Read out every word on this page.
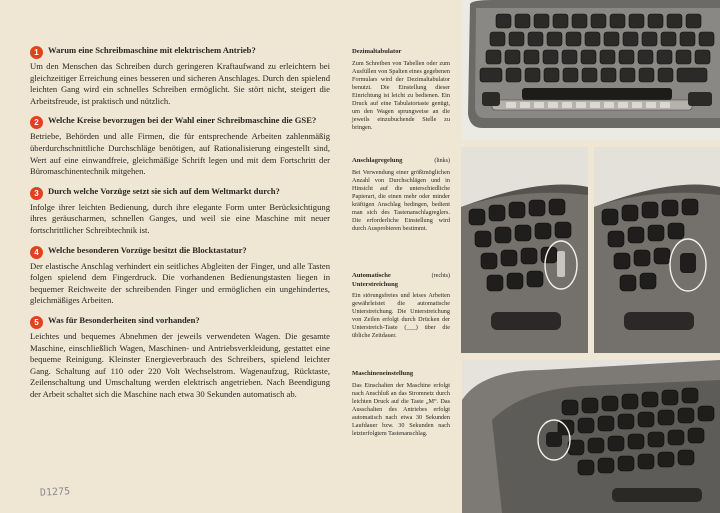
1	Warum eine Schreibmaschine mit elektrischem Antrieb?
Um den Menschen das Schreiben durch geringeren Kraftaufwand zu erleichtern bei gleichzeitiger Erreichung eines besseren und sicheren Anschlages. Durch den spielend leichten Gang wird ein schnelles Schreiben ermöglicht. Sie stört nicht, steigert die Arbeitsfreude, ist praktisch und nützlich.
2	Welche Kreise bevorzugen bei der Wahl einer Schreibmaschine die GSE?
Betriebe, Behörden und alle Firmen, die für entsprechende Arbeiten zahlenmäßig überdurchschnittliche Durchschläge benötigen, auf Rationalisierung eingestellt sind, Wert auf eine einwandfreie, gleichmäßige Schrift legen und mit dem Fortschritt der Büromaschinentechnik mitgehen.
3	Durch welche Vorzüge setzt sie sich auf dem Weltmarkt durch?
Infolge ihrer leichten Bedienung, durch ihre elegante Form unter Berücksichtigung ihres geräuscharmen, schnellen Ganges, und weil sie eine Maschine mit neuer fortschrittlicher Schreibtechnik ist.
4	Welche besonderen Vorzüge besitzt die Blocktastatur?
Der elastische Anschlag verhindert ein seitliches Abgleiten der Finger, und alle Tasten folgen spielend dem Fingerdruck. Die vorhandenen Bedienungstasten liegen in bequemer Reichweite der schreibenden Finger und ermöglichen ein ungehindertes, gleichmäßiges Arbeiten.
5	Was für Besonderheiten sind vorhanden?
Leichtes und bequemes Abnehmen der jeweils verwendeten Wagen. Die gesamte Maschine, einschließlich Wagen, Maschinen- und Antriebsverkleidung, gestattet eine bequeme Reinigung. Kleinster Energieverbrauch des Schreibers, spielend leichter Gang. Schaltung auf 110 oder 220 Volt Wechselstrom. Wagenaufzug, Rücktaste, Zeilenschaltung und Umschaltung werden elektrisch angetrieben. Nach Beendigung der Arbeit schaltet sich die Maschine nach etwa 30 Sekunden automatisch ab.
Dezimaltabulator
Zum Schreiben von Tabellen oder zum Ausfüllen von Spalten eines gegebenen Formulars wird der Dezimaltabulator benutzt. Die Einstellung dieser Einrichtung ist leicht zu bedienen. Ein Druck auf eine Tabulatortaste genügt, um den Wagen sprungweise an die jeweils einzubuchende Stelle zu bringen.
Anschlagregelung	(links)
Bei Verwendung einer größtmöglichen Anzahl von Durchschlägen und in Hinsicht auf die unterschiedliche Papierart, die einen mehr oder minder kräftigen Anschlag bedingen, bedient man sich des Tastenanschlagreglers. Die erforderliche Einstellung wird durch Ausprobieren bestimmt.
Automatische Unterstreichung
(rechts)
Ein störungsfreies und leises Arbeiten gewährleistet die automatische Unterstreichung. Die Unterstreichung von Zeilen erfolgt durch Drücken der Unterstreich-Taste (___) über die übliche Zeitdauer.
Maschineneinstellung
Das Einschalten der Maschine erfolgt nach Anschluß an das Stromnetz durch leichten Druck auf die Taste „M“. Das Ausschalten des Antriebes erfolgt automatisch nach etwa 30 Sekunden Laufdauer bzw. 30 Sekunden nach letzterfolgtem Tastenanschlag.
D1275
